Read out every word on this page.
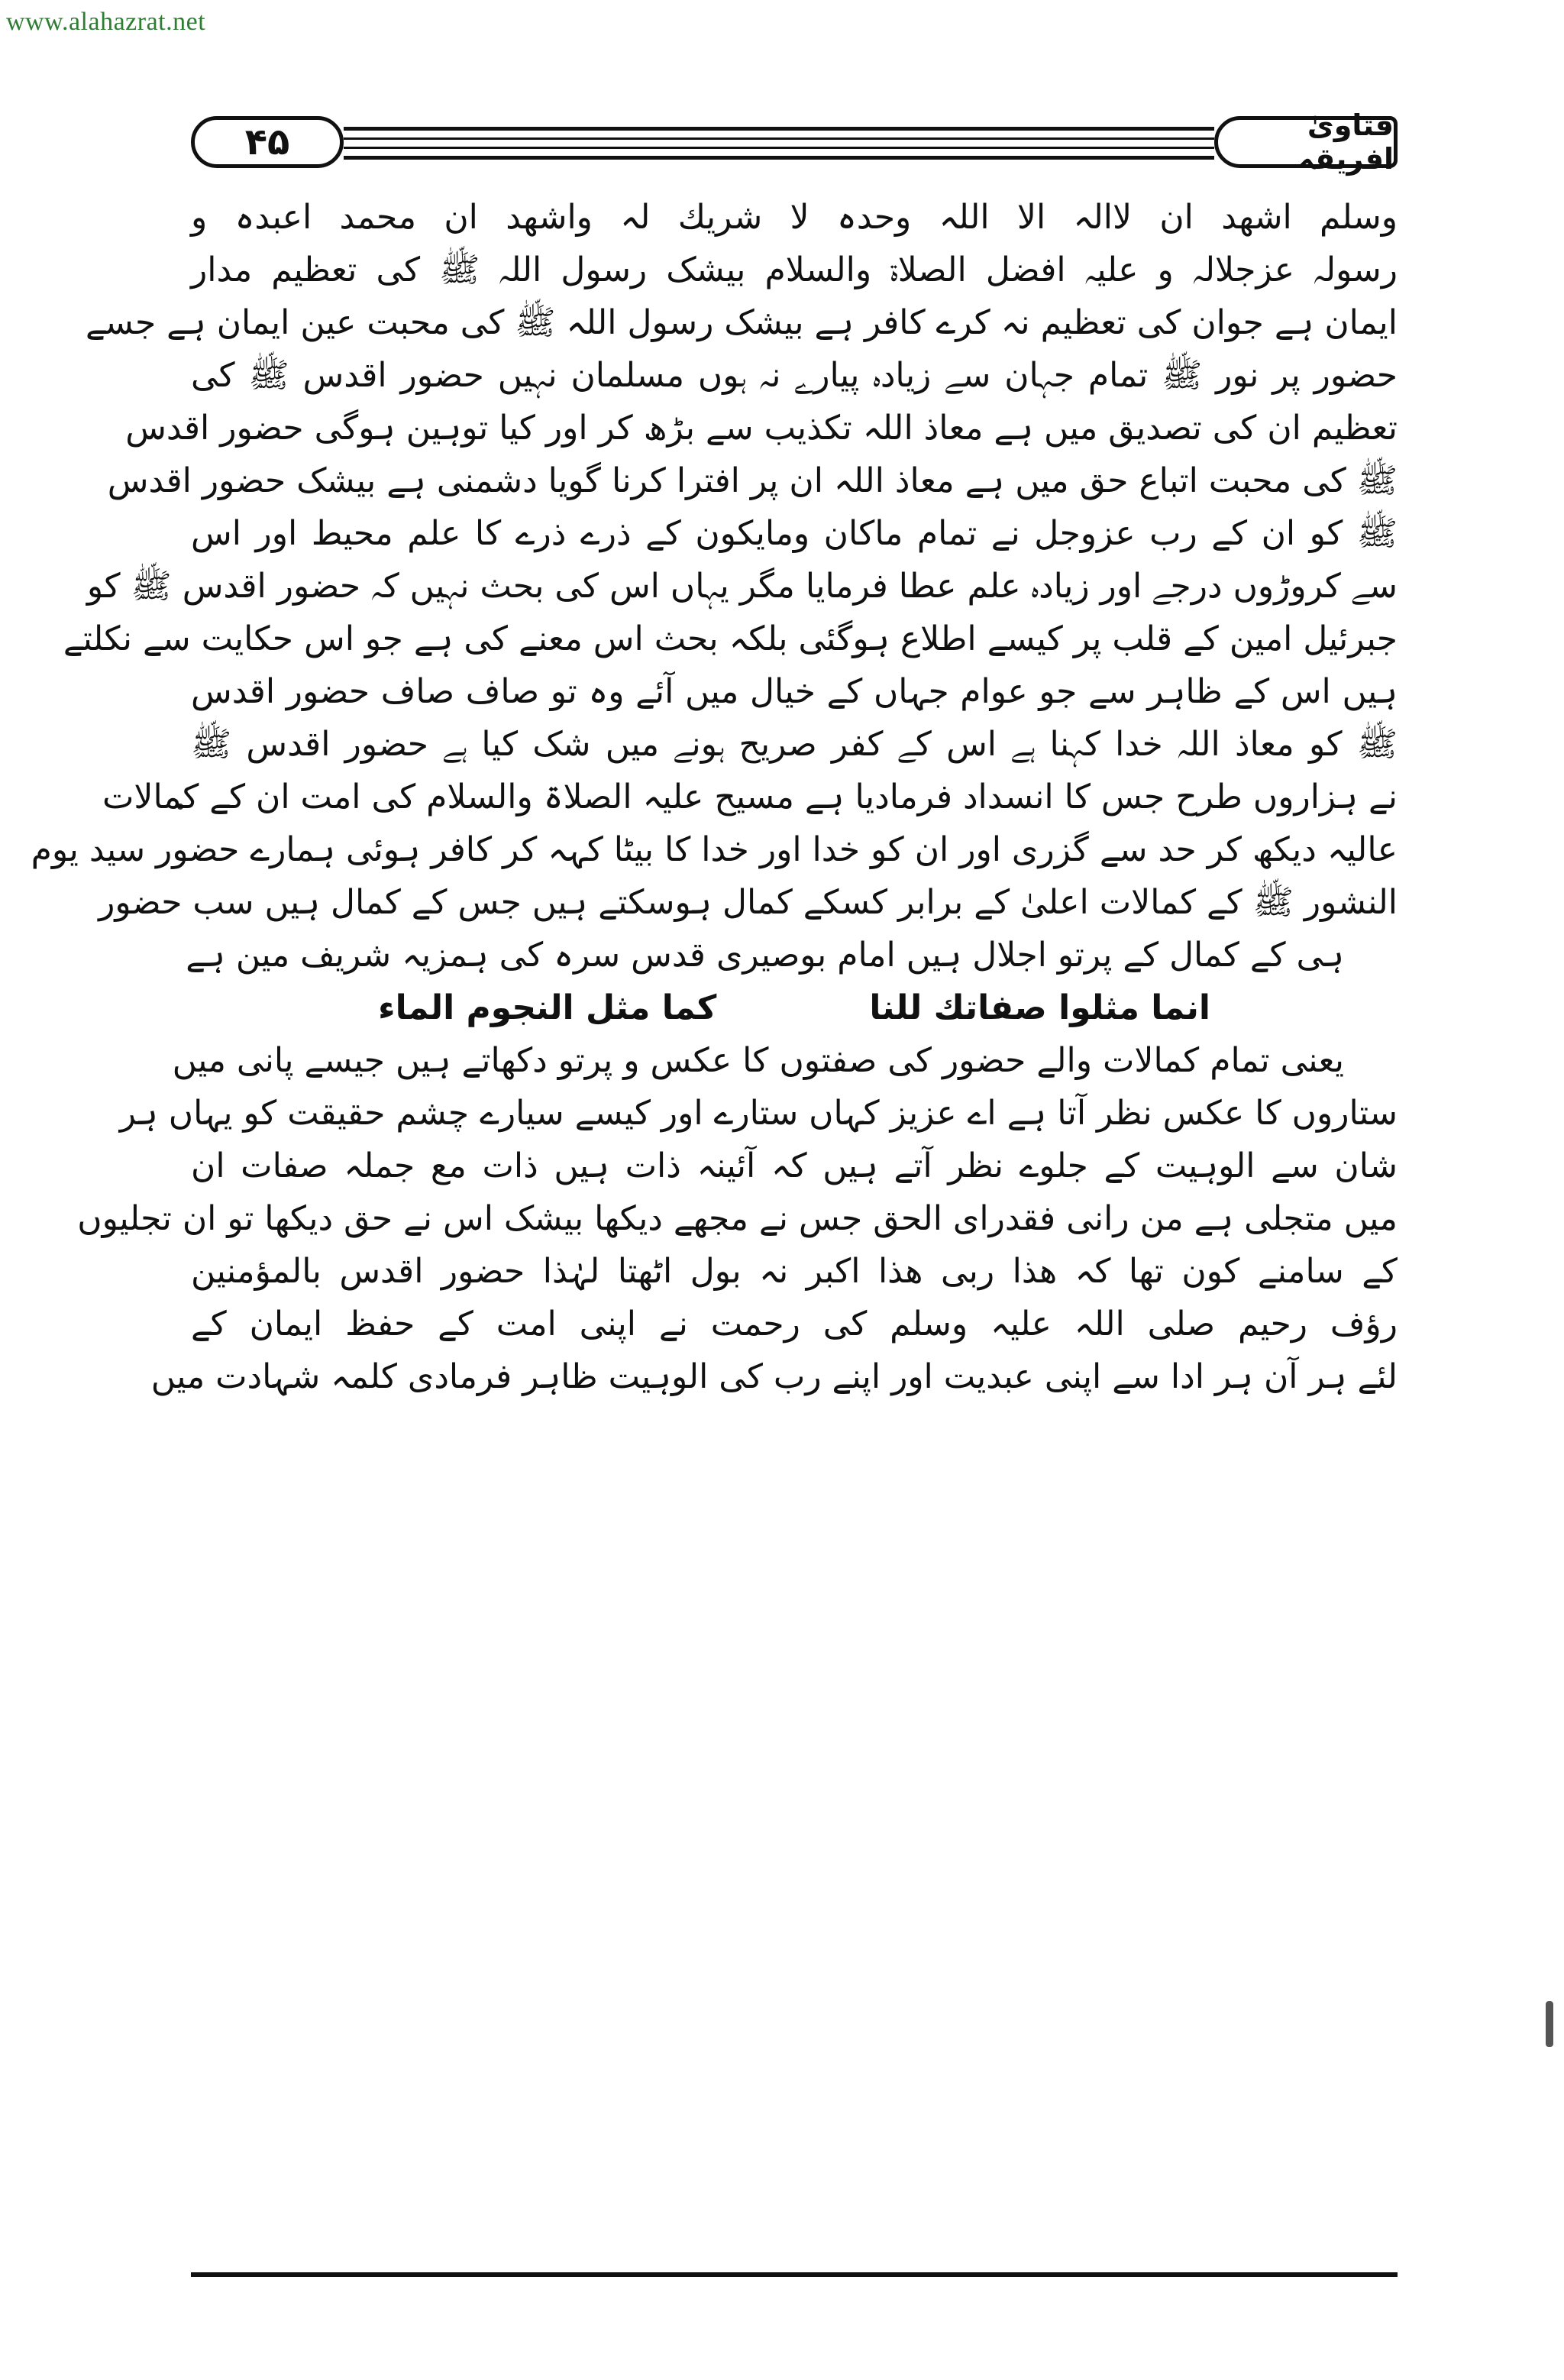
www.alahazrat.net
۴۵	فتاویٰ افریقہ
وسلم اشھد ان لاالہ الا اللہ وحدہ لا شریك لہ واشھد ان محمد اعبدہ و
رسولہ عزجلالہ و علیہ افضل الصلاۃ والسلام بیشک رسول اللہ ﷺ کی تعظیم مدار
ایمان ہے جوان کی تعظیم نہ کرے کافر ہے بیشک رسول اللہ ﷺ کی محبت عین ایمان ہے جسے
حضور پر نور ﷺ تمام جہان سے زیادہ پیارے نہ ہوں مسلمان نہیں حضور اقدس ﷺ کی
تعظیم ان کی تصدیق میں ہے معاذ اللہ تکذیب سے بڑھ کر اور کیا توہین ہوگی حضور اقدس
ﷺ کی محبت اتباع حق میں ہے معاذ اللہ ان پر افترا کرنا گویا دشمنی ہے بیشک حضور اقدس
ﷺ کو ان کے رب عزوجل نے تمام ماکان ومایکون کے ذرے ذرے کا علم محیط اور اس
سے کروڑوں درجے اور زیادہ علم عطا فرمایا مگر یہاں اس کی بحث نہیں کہ حضور اقدس ﷺ کو
جبرئیل امین کے قلب پر کیسے اطلاع ہوگئی بلکہ بحث اس معنے کی ہے جو اس حکایت سے نکلتے
ہیں اس کے ظاہر سے جو عوام جہاں کے خیال میں آئے وہ تو صاف صاف حضور اقدس
ﷺ کو معاذ اللہ خدا کہنا ہے اس کے کفر صریح ہونے میں شک کیا ہے حضور اقدس ﷺ
نے ہزاروں طرح جس کا انسداد فرمادیا ہے مسیح علیہ الصلاۃ والسلام کی امت ان کے کمالات
عالیہ دیکھ کر حد سے گزری اور ان کو خدا اور خدا کا بیٹا کہہ کر کافر ہوئی ہمارے حضور سید یوم
النشور ﷺ کے کمالات اعلیٰ کے برابر کسکے کمال ہوسکتے ہیں جس کے کمال ہیں سب حضور
ہی کے کمال کے پرتو اجلال ہیں امام بوصیری قدس سرہ کی ہمزیہ شریف مین ہے
انما مثلوا صفاتك للنا
کما مثل النجوم الماء
یعنی تمام کمالات والے حضور کی صفتوں کا عکس و پرتو دکھاتے ہیں جیسے پانی میں
ستاروں کا عکس نظر آتا ہے اے عزیز کہاں ستارے اور کیسے سیارے چشم حقیقت کو یہاں ہر
شان سے الوہیت کے جلوے نظر آتے ہیں کہ آئینہ ذات ہیں ذات مع جملہ صفات ان
میں متجلی ہے من رانی فقدرای الحق جس نے مجھے دیکھا بیشک اس نے حق دیکھا تو ان تجلیوں
کے سامنے کون تھا کہ ھذا ربی ھذا اکبر نہ بول اٹھتا لہٰذا حضور اقدس بالمؤمنین
رؤف رحیم صلی اللہ علیہ وسلم کی رحمت نے اپنی امت کے حفظ ایمان کے
لئے ہر آن ہر ادا سے اپنی عبدیت اور اپنے رب کی الوہیت ظاہر فرمادی کلمہ شہادت میں
